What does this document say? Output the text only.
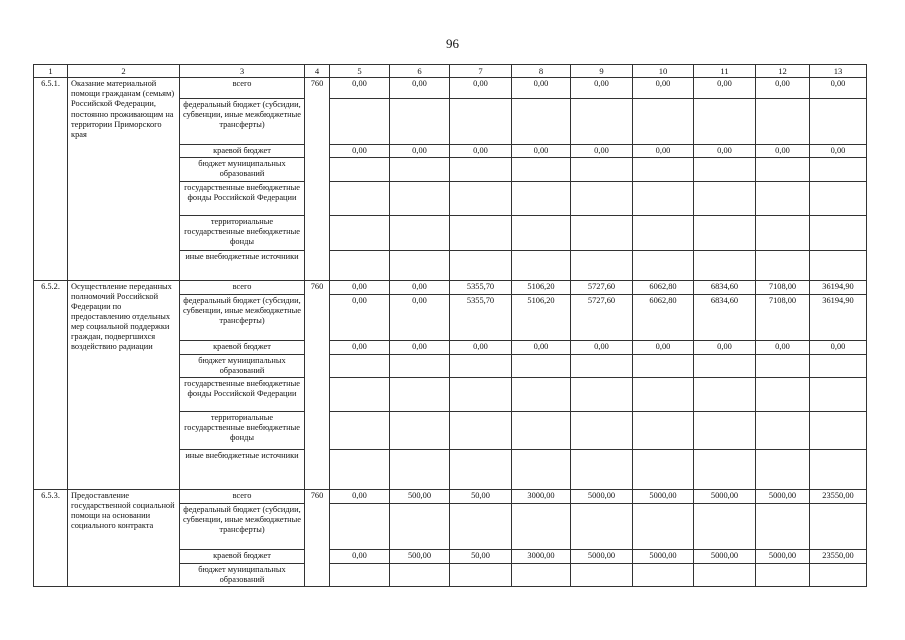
96
1	2	3	4	5	6	7	8	9	10	11	12	13
6.5.1.	Оказание материальной помощи гражданам (семьям) Российской Федерации, постоянно проживающим на территории Приморского края	всего	760	0,00	0,00	0,00	0,00	0,00	0,00	0,00	0,00	0,00
		федеральный бюджет (субсидии, субвенции, иные межбюджетные трансферты)										
		краевой бюджет		0,00	0,00	0,00	0,00	0,00	0,00	0,00	0,00	0,00
		бюджет муниципальных образований										
		государственные внебюджетные фонды Российской Федерации										
		территориальные государственные внебюджетные фонды										
		иные внебюджетные источники										
6.5.2.	Осуществление переданных полномочий Российской Федерации по предоставлению отдельных мер социальной поддержки граждан, подвергшихся воздействию радиации	всего	760	0,00	0,00	5355,70	5106,20	5727,60	6062,80	6834,60	7108,00	36194,90
		федеральный бюджет (субсидии, субвенции, иные межбюджетные трансферты)		0,00	0,00	5355,70	5106,20	5727,60	6062,80	6834,60	7108,00	36194,90
		краевой бюджет		0,00	0,00	0,00	0,00	0,00	0,00	0,00	0,00	0,00
		бюджет муниципальных образований										
		государственные внебюджетные фонды Российской Федерации										
		территориальные государственные внебюджетные фонды										
		иные внебюджетные источники										
6.5.3.	Предоставление государственной социальной помощи на основании социального контракта	всего	760	0,00	500,00	50,00	3000,00	5000,00	5000,00	5000,00	5000,00	23550,00
		федеральный бюджет (субсидии, субвенции, иные межбюджетные трансферты)										
		краевой бюджет		0,00	500,00	50,00	3000,00	5000,00	5000,00	5000,00	5000,00	23550,00
		бюджет муниципальных образований										
